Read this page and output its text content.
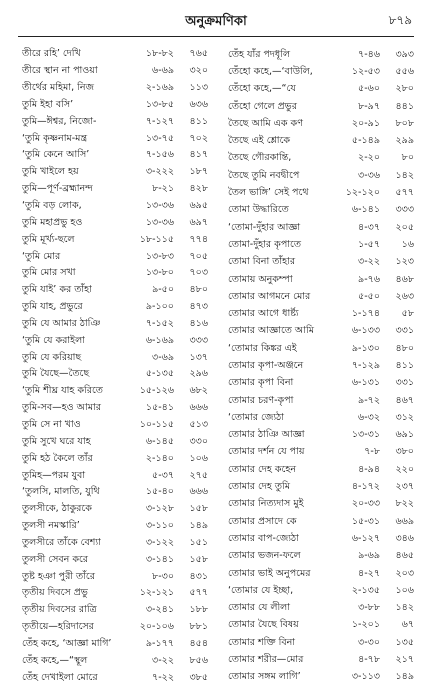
অনুক্রমণিকা	৮৭৯
তীরে রহি’ দেখি	১৮-৮২	৭৬৫
তীরে স্থান না পাওয়া	৬-৬৯	৩২০
তীর্থের মহিমা, নিজ	২-১৬৯	১১৩
তুমি ইহা বসি’	১৩-৮৫	৬৩৬
তুমি—ঈশ্বর, নিজো-	৭-১২৭	৪১১
‘তুমি কৃষ্ণনাম-মন্ত্র	১৩-৭৫	৭০২
‘তুমি কেনে আসি’	৭-১৫৬	৪১৭
তুমি খাইলে হয়	৩-২২২	১৮৭
তুমি—পূর্ণ-ব্রহ্মানন্দ	৮-২১	৪২৮
‘তুমি বড় লোক,	১৩-৩৬	৬৯৫
তুমি মহাপ্রভু হও	১৩-৩৬	৬৯৭
তুমি মূর্খ্য-ছলে	১৮-১১৫	৭৭৪
‘তুমি মোর	১৩-৮৩	৭০৫
তুমি মোর সখা	১৩-৮০	৭০৩
তুমি যাই’ কর তাঁহা	৯-৫০	৪৮০
তুমি যাহ, প্রভুরে	৯-১০০	৪৭৩
তুমি যে আমার ঠাঞি	৭-১৫২	৪১৬
‘তুমি যে করাইলা	৬-১৬৯	৩৩৩
তুমি যে করিয়াছ	৩-৬৯	১৩৭
তুমি যৈছে—তৈছে	৫-১৩৫	২৯৬
‘তুমি শীঘ্র যাহ করিতে	১৫-১২৬	৬৮২
তুমি-সব—হও আমার	১৫-৪১	৬৬৬
তুমি সে না খাও	১০-১১৫	৫১৩
তুমি সুখে ঘরে যাহ	৬-১৪৫	৩৩০
তুমি হঠ কৈলে তাঁর	২-১৪০	১০৬
তুমিহ—পরম যুবা	৫-৩৭	২৭৫
‘তুলসি, মালতি, যুথি	১৫-৪০	৬৬৬
তুলসীকে, ঠাকুরকে	৩-১২৮	১৫৮
তুলসী নমস্কারি’	৩-১১০	১৪৯
তুলসীরে তাঁকে বেশ্যা	৩-১২২	১৫১
তুলসী সেবন করে	৩-১৪১	১৫৮
তুষ্ট হঞা পুরী তাঁরে	৮-৩০	৪৩১
তৃতীয় দিবসে প্রভু	১২-১২১	৫৭৭
তৃতীয় দিবসের রাত্রি	৩-২৪১	১৮৮
তৃতীয়ে—হরিদাসের	২০-১০৬	৮৮১
তেঁহ কহে, ‘আজ্ঞা মাগি’	৯-১৭৭	৪৫৪
তেঁহ কহে,—“স্থূল	৩-২২	৮৫৬
তেঁহ দেখাইলা মোরে	৭-২২	৩৮৫
তেঁহ যাঁর পদধূলি	৭-৪৬	৩৯৩
তেঁহো কহে,—‘বাউলি,	১২-৫৩	৫৫৬
তেঁহো কহে,—“যে	৫-৬০	২৮০
তেঁহো গেলে প্রভুর	৮-৯৭	৪৪১
তৈছে আমি এক কণ	২০-৯১	৮০৮
তৈছে এই শ্লোকে	৫-১৪৯	২৯৯
তৈছে গৌরকান্তি,	২-২০	৮০
তৈছে তুমি নবদ্বীপে	৩-৩৬	১৪২
তৈল ভাঙ্গি’ সেই পথে	১২-১২০	৫৭৭
তোমা উদ্ধারিতে	৬-১৪১	৩৩৩
‘তোমা-দুঁহার আজ্ঞা	৪-৩৭	২০৫
তোমা-দুঁহার কৃপাতে	১-৫৭	১৬
তোমা বিনা তাঁহার	৩-২২	১২৩
তোমায় অনুকম্পা	৯-৭৬	৪৬৮
তোমার আগমনে মোর	৫-৫০	২৬৩
তোমার আগে ধার্ষ্ট্য	১-১৭৪	৫৮
তোমার আজ্ঞাতে আমি	৬-১৩৩	৩৩১
‘তোমার কিঙ্কর এই	৯-১৩০	৪৮০
তোমার কৃপা-অঞ্জনে	৭-১২৯	৪১১
তোমার কৃপা বিনা	৬-১৩১	৩৩১
তোমার চরণ-কৃপা	৯-৭২	৪৬৭
‘তোমার জ্যেঠা	৬-৩২	৩১২
তোমার ঠাঞি আজ্ঞা	১৩-৩১	৬৯১
তোমার দর্শন যে পায়	৭-৮	৩৮০
তোমার দেহ কহেন	৪-৯৪	২২০
তোমার দেহ তুমি	৪-১৭২	২৩৭
তোমার নিত্যদাস মুই	২০-৩৩	৮২২
তোমার প্রসাদে কে	১৫-৩১	৬৬৯
তোমার বাপ-জ্যেঠা	৬-১২৭	৩৪৬
তোমার ভজন-ফলে	৯-৬৯	৪৬৫
তোমার ভাই অনুপমের	৪-২৭	২০৩
‘তোমার যে ইচ্ছা,	২-১৩৫	১০৬
তোমার যে লীলা	৩-৮৮	১৪২
তোমার যৈছে বিষয়	১-২০১	৬৭
তোমার শক্তি বিনা	৩-৩০	১৩৫
তোমার শরীর—মোর	৪-৭৮	২১৭
তোমার সঙ্গম লাগি’	৩-১১৩	১৪৯
